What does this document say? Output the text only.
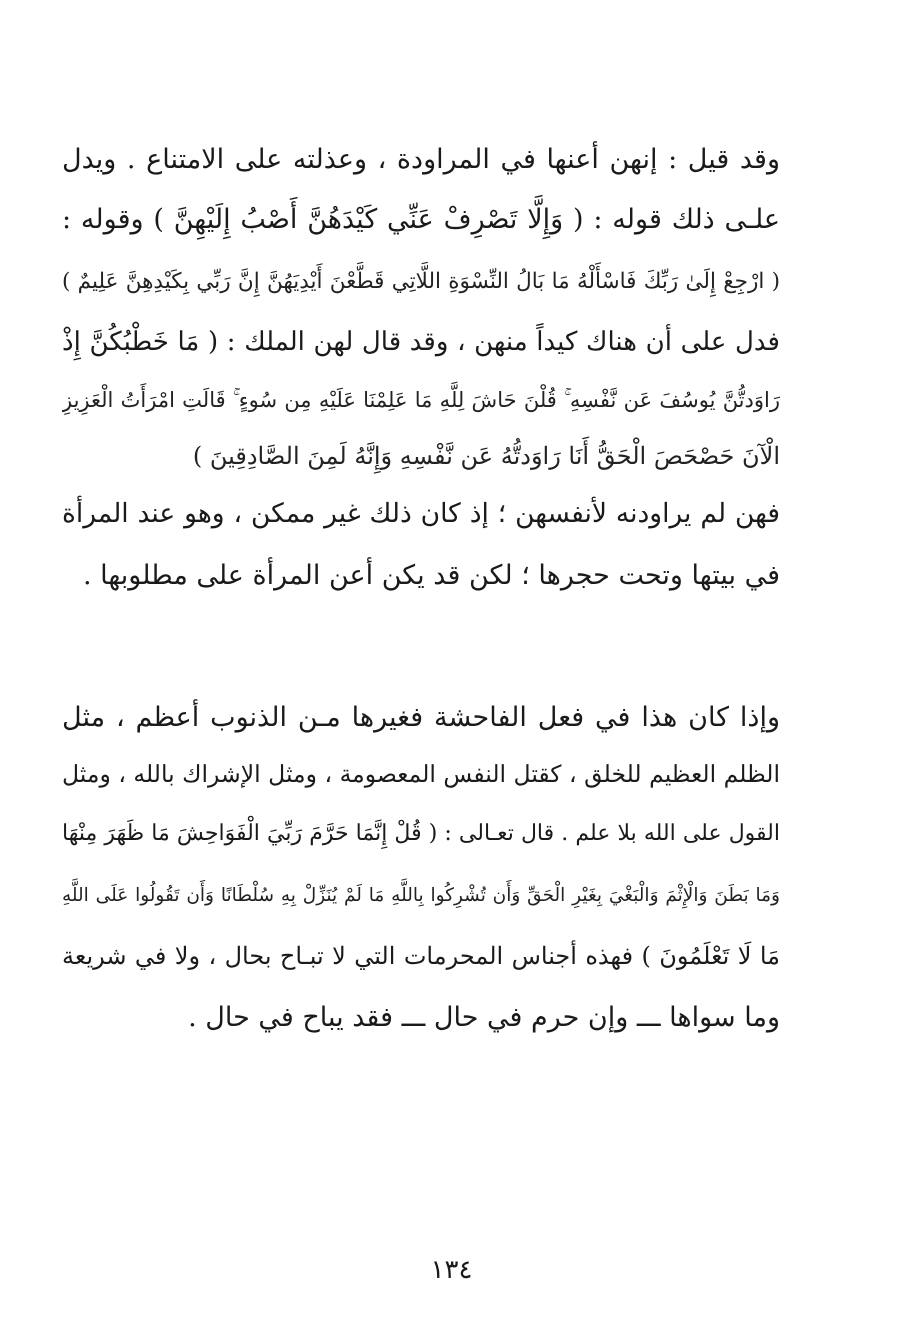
وقد قيل : إنهن أعنها في المراودة ، وعذلته على الامتناع . ويدل
علـى ذلك قوله : ( وَإِلَّا تَصْرِفْ عَنِّي كَيْدَهُنَّ أَصْبُ إِلَيْهِنَّ ) وقوله :
( ارْجِعْ إِلَىٰ رَبِّكَ فَاسْأَلْهُ مَا بَالُ النِّسْوَةِ اللَّاتِي قَطَّعْنَ أَيْدِيَهُنَّ إِنَّ رَبِّي بِكَيْدِهِنَّ عَلِيمٌ )
فدل على أن هناك كيداً منهن ، وقد قال لهن الملك : ( مَا خَطْبُكُنَّ إِذْ
رَاوَدتُّنَّ يُوسُفَ عَن نَّفْسِهِ ۚ قُلْنَ حَاشَ لِلَّهِ مَا عَلِمْنَا عَلَيْهِ مِن سُوءٍ ۚ قَالَتِ امْرَأَتُ الْعَزِيزِ
الْآنَ حَصْحَصَ الْحَقُّ أَنَا رَاوَدتُّهُ عَن نَّفْسِهِ وَإِنَّهُ لَمِنَ الصَّادِقِينَ )
فهن لم يراودنه لأنفسهن ؛ إذ كان ذلك غير ممكن ، وهو عند المرأة
في بيتها وتحت حجرها ؛ لكن قد يكن أعن المرأة على مطلوبها .
وإذا كان هذا في فعل الفاحشة فغيرها مـن الذنوب أعظم ، مثل
الظلم العظيم للخلق ، كقتل النفس المعصومة ، ومثل الإشراك بالله ، ومثل
القول على الله بلا علم . قال تعـالى : ( قُلْ إِنَّمَا حَرَّمَ رَبِّيَ الْفَوَاحِشَ مَا ظَهَرَ مِنْهَا
وَمَا بَطَنَ وَالْإِثْمَ وَالْبَغْيَ بِغَيْرِ الْحَقِّ وَأَن تُشْرِكُوا بِاللَّهِ مَا لَمْ يُنَزِّلْ بِهِ سُلْطَانًا وَأَن تَقُولُوا عَلَى اللَّهِ
مَا لَا تَعْلَمُونَ ) فهذه أجناس المحرمات التي لا تبـاح بحال ، ولا في شريعة
وما سواها ـــ وإن حرم في حال ـــ فقد يباح في حال .
١٣٤
